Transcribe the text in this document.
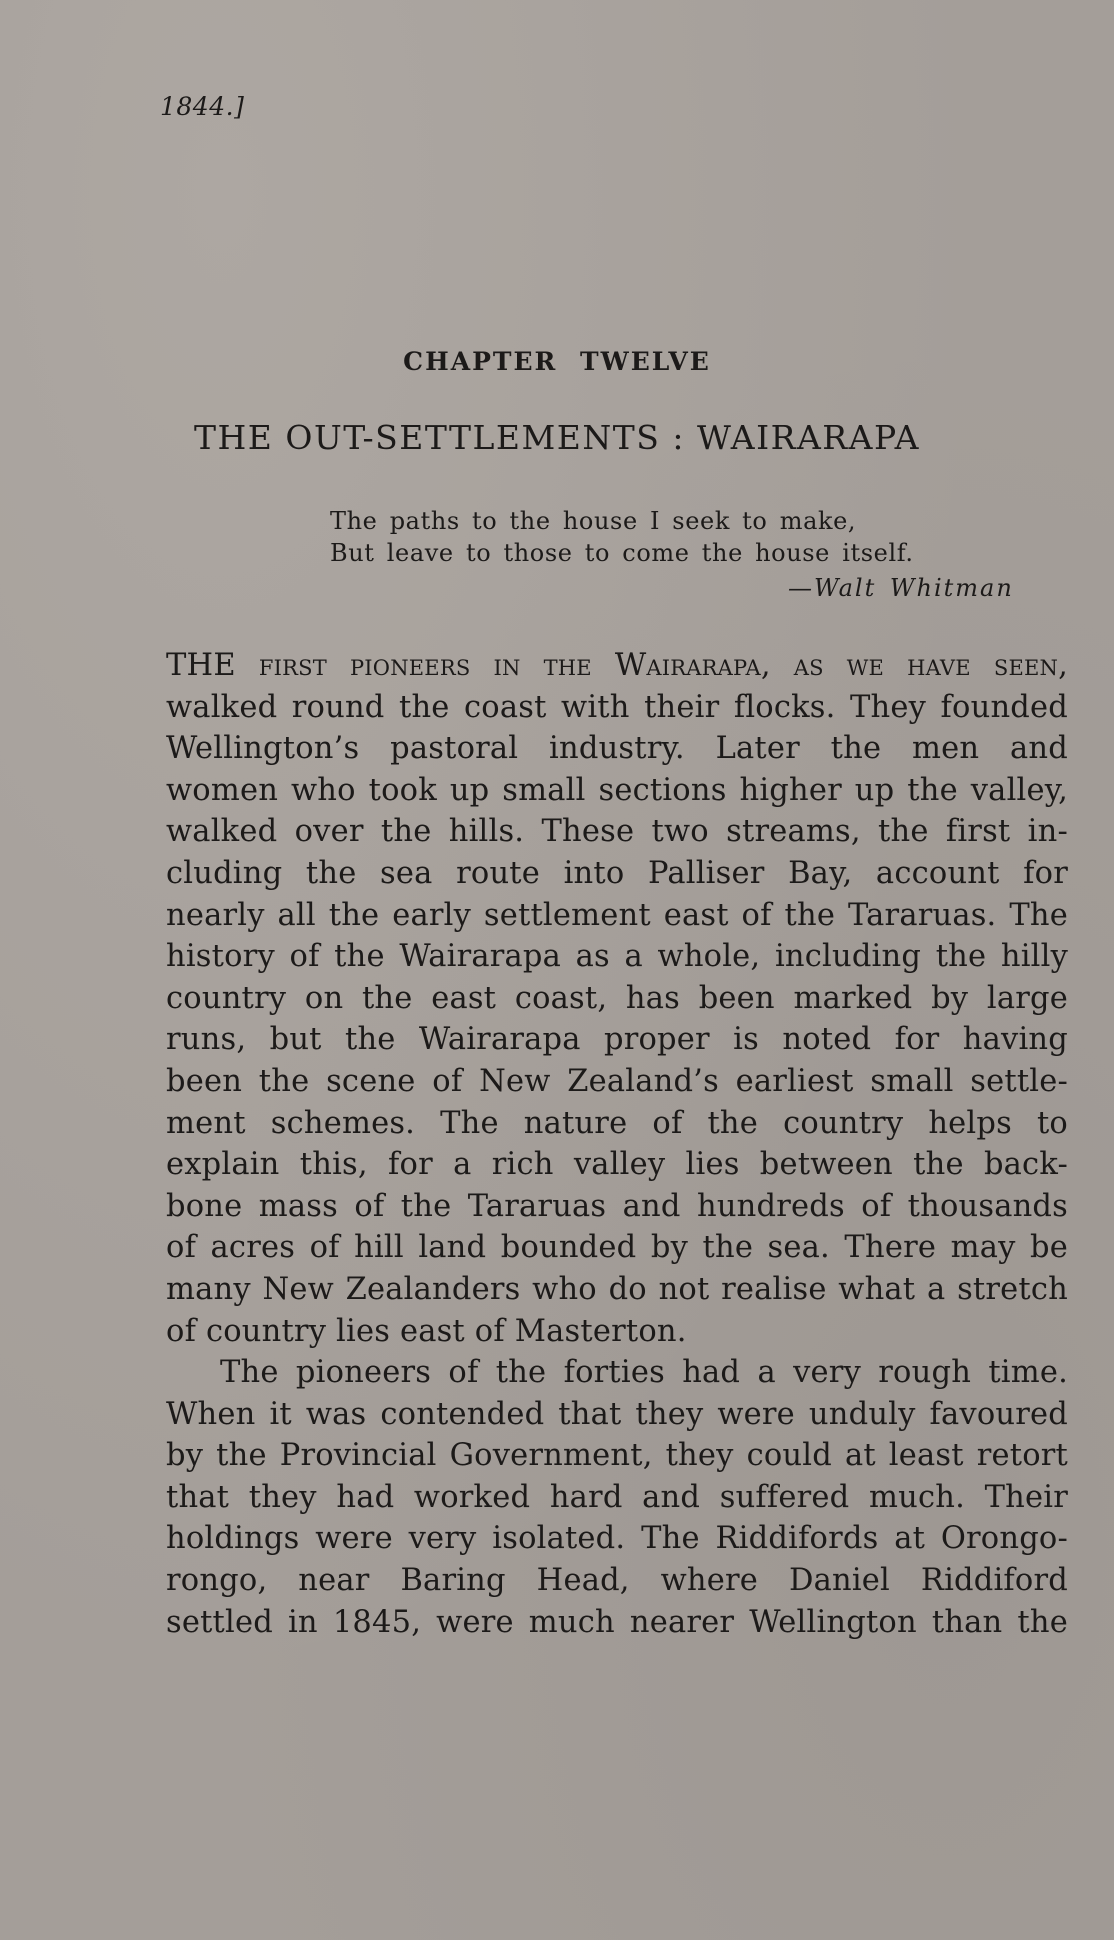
1844.]
CHAPTER TWELVE
THE OUT-SETTLEMENTS : WAIRARAPA
The paths to the house I seek to make,
But leave to those to come the house itself.
—Walt Whitman
THE first pioneers in the Wairarapa, as we have seen,
walked round the coast with their flocks. They founded
Wellington’s pastoral industry. Later the men and
women who took up small sections higher up the valley,
walked over the hills. These two streams, the first in-
cluding the sea route into Palliser Bay, account for
nearly all the early settlement east of the Tararuas. The
history of the Wairarapa as a whole, including the hilly
country on the east coast, has been marked by large
runs, but the Wairarapa proper is noted for having
been the scene of New Zealand’s earliest small settle-
ment schemes. The nature of the country helps to
explain this, for a rich valley lies between the back-
bone mass of the Tararuas and hundreds of thousands
of acres of hill land bounded by the sea. There may be
many New Zealanders who do not realise what a stretch
of country lies east of Masterton.
The pioneers of the forties had a very rough time.
When it was contended that they were unduly favoured
by the Provincial Government, they could at least retort
that they had worked hard and suffered much. Their
holdings were very isolated. The Riddifords at Orongo-
rongo, near Baring Head, where Daniel Riddiford
settled in 1845, were much nearer Wellington than the
